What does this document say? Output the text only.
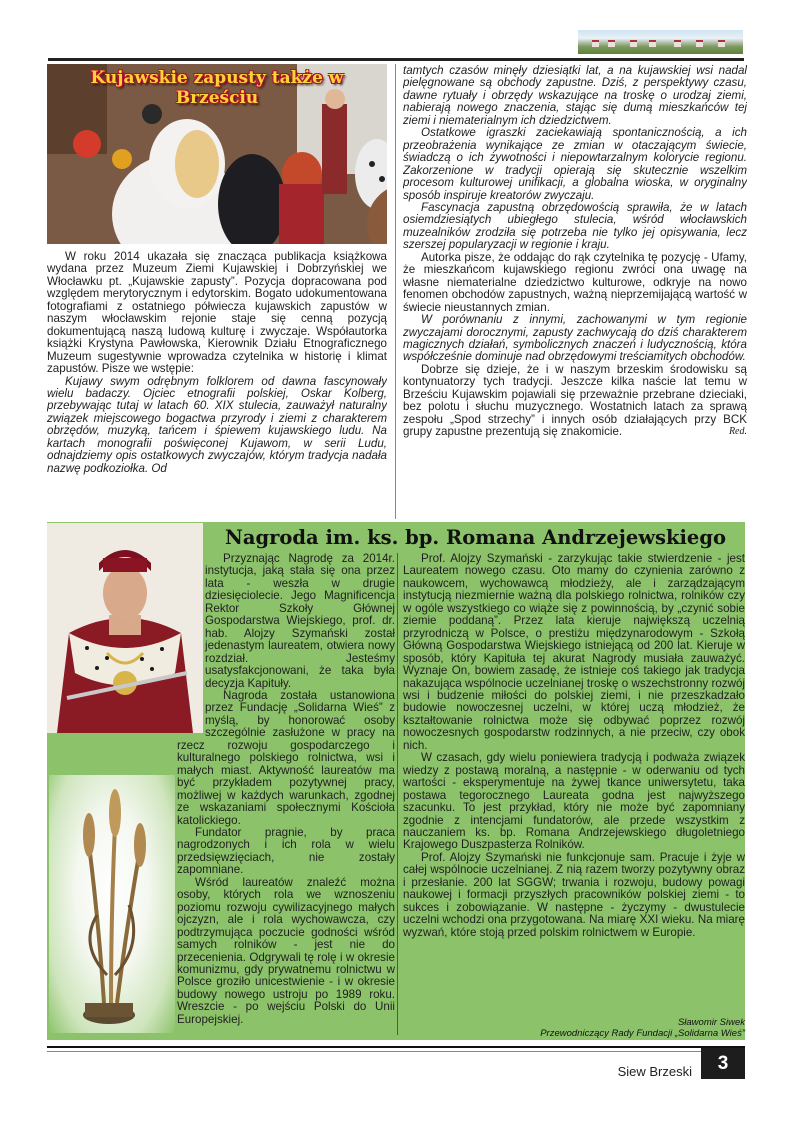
Kujawskie zapusty także w Brześciu

W roku 2014 ukazała się znacząca publikacja książkowa wydana przez Muzeum Ziemi Kujawskiej i Dobrzyńskiej we Włocławku pt. „Kujawskie zapusty”. Pozycja dopracowana pod względem merytorycznym i edytorskim. Bogato udokumentowana fotografiami z ostatniego półwiecza kujawskich zapustów w naszym włocławskim rejonie staje się cenną pozycją dokumentującą naszą ludową kulturę i zwyczaje. Współautorka książki Krystyna Pawłowska, Kierownik Działu Etnograficznego Muzeum sugestywnie wprowadza czytelnika w historię i klimat zapustów. Pisze we wstępie:

Kujawy swym odrębnym folklorem od dawna fascynowały wielu badaczy. Ojciec etnografii polskiej, Oskar Kolberg, przebywając tutaj w latach 60. XIX stulecia, zauważył naturalny związek miejscowego bogactwa przyrody i ziemi z charakterem obrzędów, muzyką, tańcem i śpiewem kujawskiego ludu. Na kartach monografii poświęconej Kujawom, w serii Ludu, odnajdziemy opis ostatkowych zwyczajów, którym tradycja nadała nazwę podkoziołka. Od

tamtych czasów minęły dziesiątki lat, a na kujawskiej wsi nadal pielęgnowane są obchody zapustne. Dziś, z perspektywy czasu, dawne rytuały i obrzędy wskazujące na troskę o urodzaj ziemi, nabierają nowego znaczenia, stając się dumą mieszkańców tej ziemi i niematerialnym ich dziedzictwem.

Ostatkowe igraszki zaciekawiają spontanicznością, a ich przeobrażenia wynikające ze zmian w otaczającym świecie, świadczą o ich żywotności i niepowtarzalnym kolorycie regionu. Zakorzenione w tradycji opierają się skutecznie wszelkim procesom kulturowej unifikacji, a globalna wioska, w oryginalny sposób inspiruje kreatorów zwyczaju.

Fascynacja zapustną obrzędowością sprawiła, że w latach osiemdziesiątych ubiegłego stulecia, wśród włocławskich muzealników zrodziła się potrzeba nie tylko jej opisywania, lecz szerszej popularyzacji w regionie i kraju.

Autorka pisze, że oddając do rąk czytelnika tę pozycję - Ufamy, że mieszkańcom kujawskiego regionu zwróci ona uwagę na własne niematerialne dziedzictwo kulturowe, odkryje na nowo fenomen obchodów zapustnych, ważną nieprzemijającą wartość w świecie nieustannych zmian.

W porównaniu z innymi, zachowanymi w tym regionie zwyczajami dorocznymi, zapusty zachwycają do dziś charakterem magicznych działań, symbolicznych znaczeń i ludycznością, która współcześnie dominuje nad obrzędowymi treściamitych obchodów.

Dobrze się dzieje, że i w naszym brzeskim środowisku są kontynuatorzy tych tradycji. Jeszcze kilka naście lat temu w Brześciu Kujawskim pojawiali się przeważnie przebrane dzieciaki, bez polotu i słuchu muzycznego. Wostatnich latach za sprawą zespołu „Spod strzechy” i innych osób działających przy BCK grupy zapustne prezentują się znakomicie.	Red.

Nagroda im. ks. bp. Romana Andrzejewskiego

Przyznając Nagrodę za 2014r. instytucja, jaką stała się ona przez lata - weszła w drugie dziesięciolecie. Jego Magnificencja Rektor Szkoły Głównej Gospodarstwa Wiejskiego, prof. dr. hab. Alojzy Szymański został jedenastym laureatem, otwiera nowy rozdział. Jesteśmy usatysfakcjonowani, że taka była decyzja Kapituły.

Nagroda została ustanowiona przez Fundację „Solidarna Wieś” z myślą, by honorować osoby szczególnie zasłużone w pracy na rzecz rozwoju gospodarczego i kulturalnego polskiego rolnictwa, wsi i małych miast. Aktywność laureatów ma być przykładem pozytywnej pracy, możliwej w każdych warunkach, zgodnej ze wskazaniami społecznymi Kościoła katolickiego.

Fundator pragnie, by praca nagrodzonych i ich rola w wielu przedsięwzięciach, nie zostały zapomniane.

Wśród laureatów znaleźć można osoby, których rola we wznoszeniu poziomu rozwoju cywilizacyjnego małych ojczyzn, ale i rola wychowawcza, czy podtrzymująca poczucie godności wśród samych rolników - jest nie do przecenienia. Odgrywali tę rolę i w okresie komunizmu, gdy prywatnemu rolnictwu w Polsce groziło unicestwienie - i w okresie budowy nowego ustroju po 1989 roku. Wreszcie - po wejściu Polski do Unii Europejskiej.

Prof. Alojzy Szymański - zarzykując takie stwierdzenie - jest Laureatem nowego czasu. Oto mamy do czynienia zarówno z naukowcem, wychowawcą młodzieży, ale i zarządzającym instytucją niezmiernie ważną dla polskiego rolnictwa, rolników czy w ogóle wszystkiego co wiąże się z powinnością, by „czynić sobie ziemie poddaną”. Przez lata kieruje największą uczelnią przyrodniczą w Polsce, o prestiżu międzynarodowym - Szkołą Główną Gospodarstwa Wiejskiego istniejącą od 200 lat. Kieruje w sposób, który Kapituła tej akurat Nagrody musiała zauważyć. Wyznaje On, bowiem zasadę, że istnieje coś takiego jak tradycja nakazująca wspólnocie uczelnianej troskę o wszechstronny rozwój wsi i budzenie miłości do polskiej ziemi, i nie przeszkadzało budowie nowoczesnej uczelni, w której uczą młodzież, że kształtowanie rolnictwa może się odbywać poprzez rozwój nowoczesnych gospodarstw rodzinnych, a nie przeciw, czy obok nich.

W czasach, gdy wielu poniewiera tradycją i podważa związek wiedzy z postawą moralną, a następnie - w oderwaniu od tych wartości - eksperymentuje na żywej tkance uniwersytetu, taka postawa tegorocznego Laureata godna jest najwyższego szacunku. To jest przykład, który nie może być zapomniany zgodnie z intencjami fundatorów, ale przede wszystkim z nauczaniem ks. bp. Romana Andrzejewskiego długoletniego Krajowego Duszpasterza Rolników.

Prof. Alojzy Szymański nie funkcjonuje sam. Pracuje i żyje w całej wspólnocie uczelnianej. Z nią razem tworzy pozytywny obraz i przesłanie. 200 lat SGGW; trwania i rozwoju, budowy powagi naukowej i formacji przyszłych pracowników polskiej ziemi - to sukces i zobowiązanie. W następne - życzymy - dwustulecie uczelni wchodzi ona przygotowana. Na miarę XXI wieku. Na miarę wyzwań, które stoją przed polskim rolnictwem w Europie.

Sławomir Siwek
Przewodniczący Rady Fundacji „Solidarna Wieś”
Siew Brzeski	3
